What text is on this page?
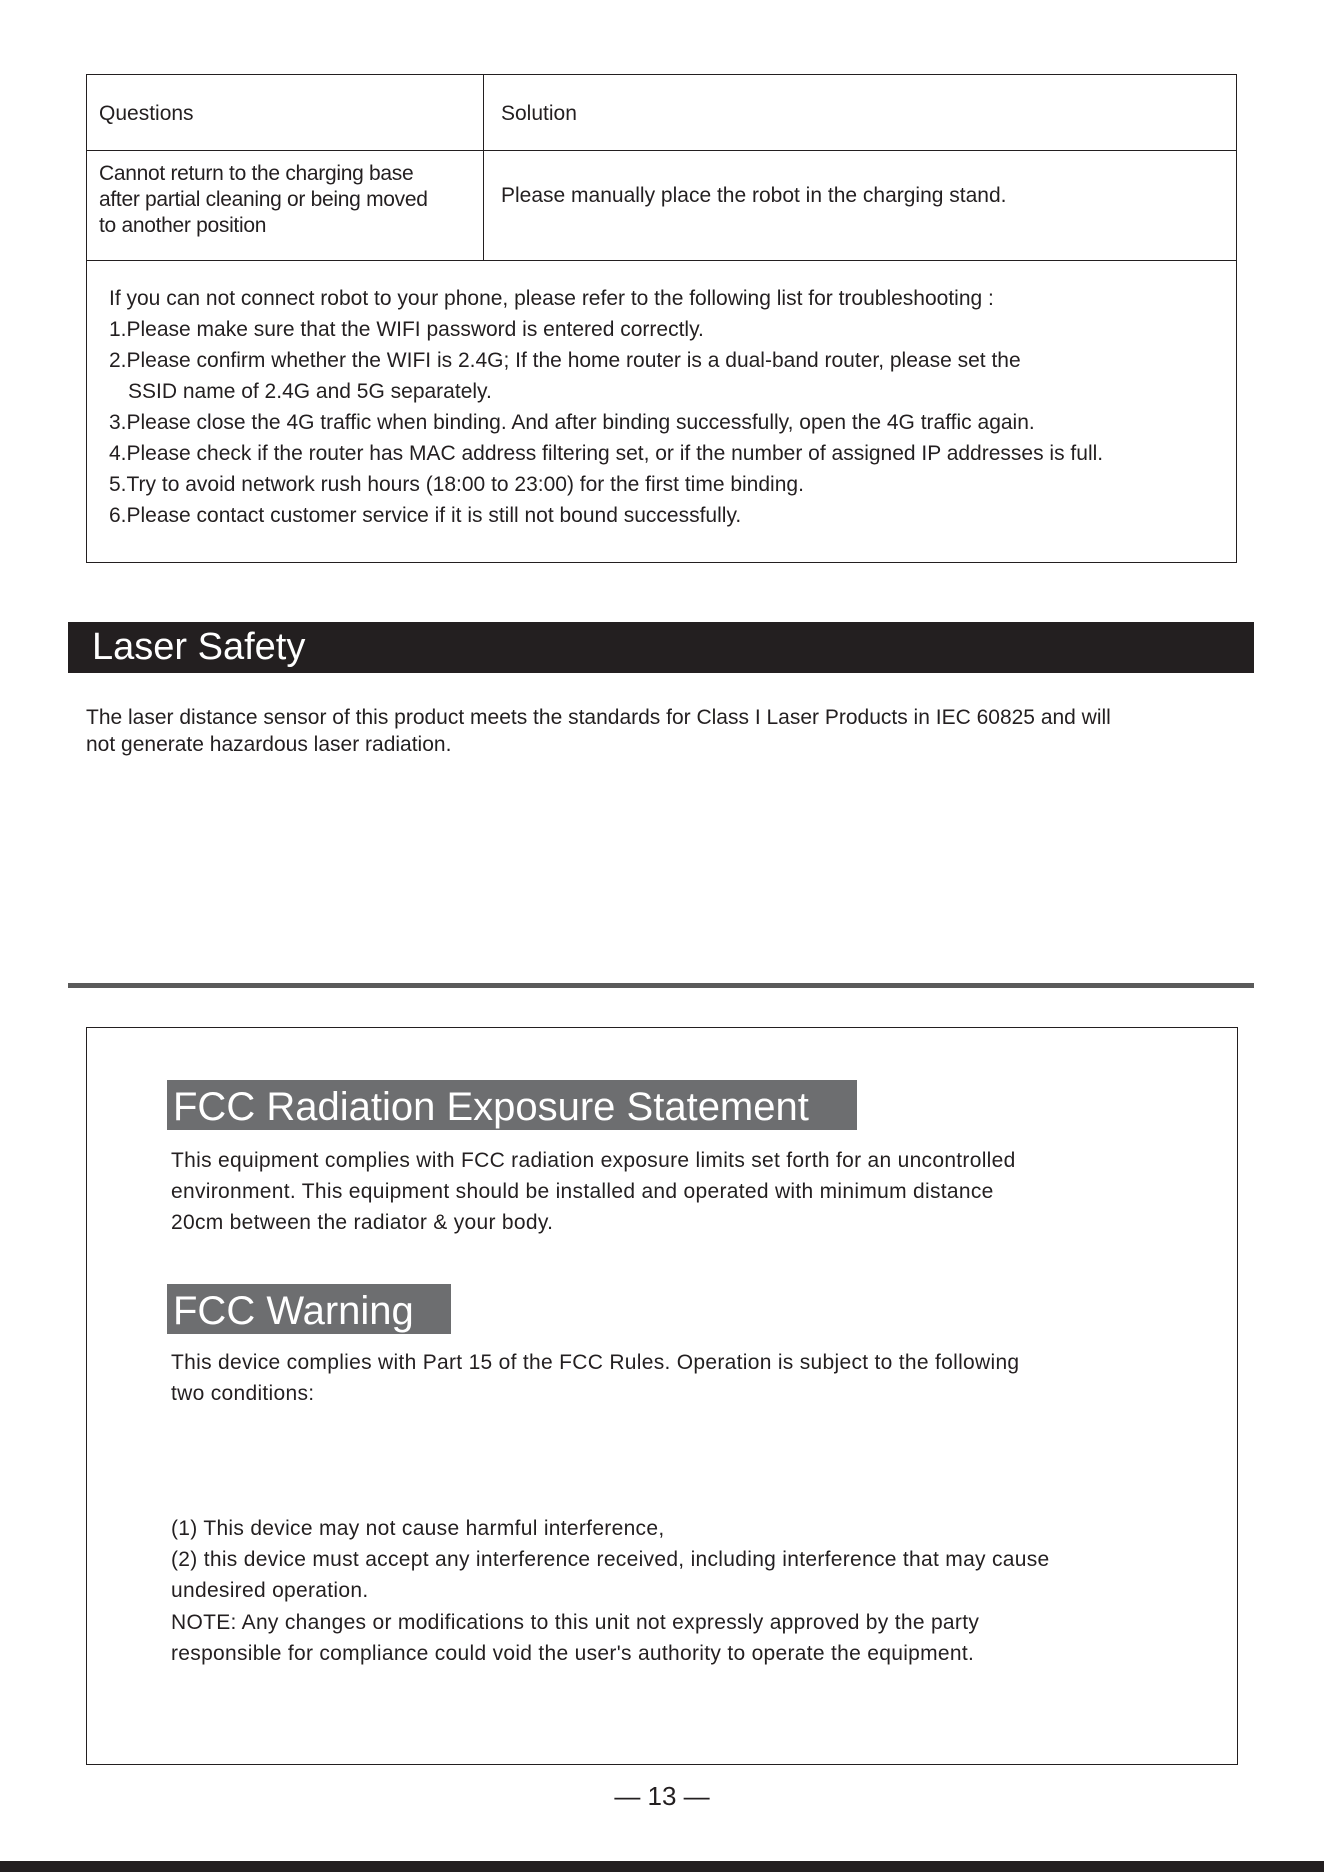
Questions	Solution
Cannot return to the charging base
after partial cleaning or being moved
to another position
Please manually place the robot in the charging stand.
If you can not connect robot to your phone, please refer to the following list for troubleshooting :
1.Please make sure that the WIFI password is entered correctly.
2.Please confirm whether the WIFI is 2.4G; If the home router is a dual-band router, please set the
SSID name of 2.4G and 5G separately.
3.Please close the 4G traffic when binding. And after binding successfully, open the 4G traffic again.
4.Please check if the router has MAC address filtering set, or if the number of assigned IP addresses is full.
5.Try to avoid network rush hours (18:00 to 23:00) for the first time binding.
6.Please contact customer service if it is still not bound successfully.
Laser Safety
The laser distance sensor of this product meets the standards for Class I Laser Products in IEC 60825 and will
not generate hazardous laser radiation.
FCC Radiation Exposure Statement
This equipment complies with FCC radiation exposure limits set forth for an uncontrolled
environment. This equipment should be installed and operated with minimum distance
20cm between the radiator & your body.
FCC Warning
This device complies with Part 15 of the FCC Rules. Operation is subject to the following
two conditions:
(1) This device may not cause harmful interference,
(2) this device must accept any interference received, including interference that may cause
undesired operation.
NOTE: Any changes or modifications to this unit not expressly approved by the party
responsible for compliance could void the user's authority to operate the equipment.
— 13 —
